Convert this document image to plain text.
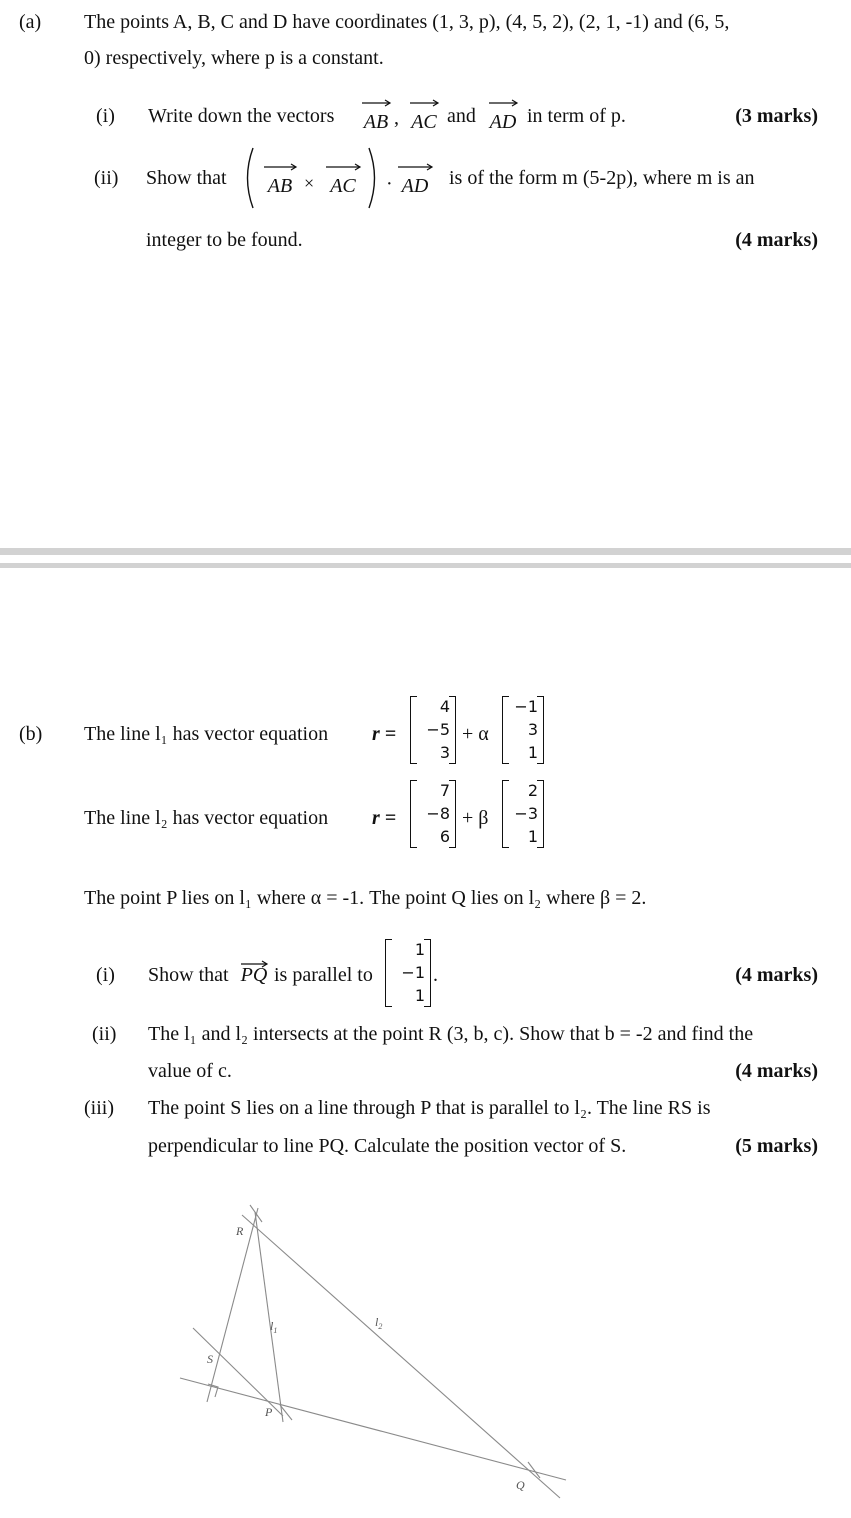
(a) The points A, B, C and D have coordinates (1, 3, p), (4, 5, 2), (2, 1, -1) and (6, 5,
0) respectively, where p is a constant.
(i) Write down the vectors AB , AC and AD in term of p.	(3 marks)
(ii) Show that AB × AC	· AD is of the form m (5-2p), where m is an
integer to be found.	(4 marks)
(b) The line l₁ has vector equation r =
4
−5
3
+ α
−1
3
1
The line l₂ has vector equation r =
7
−8
6
+ β
2
−3
1
The point P lies on l₁ where α = -1. The point Q lies on l₂ where β = 2.
(i) Show that PQ is parallel to
1
−1
1
.	(4 marks)
(ii) The l₁ and l₂ intersects at the point R (3, b, c). Show that b = -2 and find the
value of c.	(4 marks)
(iii) The point S lies on a line through P that is parallel to l₂. The line RS is
perpendicular to line PQ. Calculate the position vector of S.	(5 marks)
R
S
P
Q
$l_1$
$l_2$
